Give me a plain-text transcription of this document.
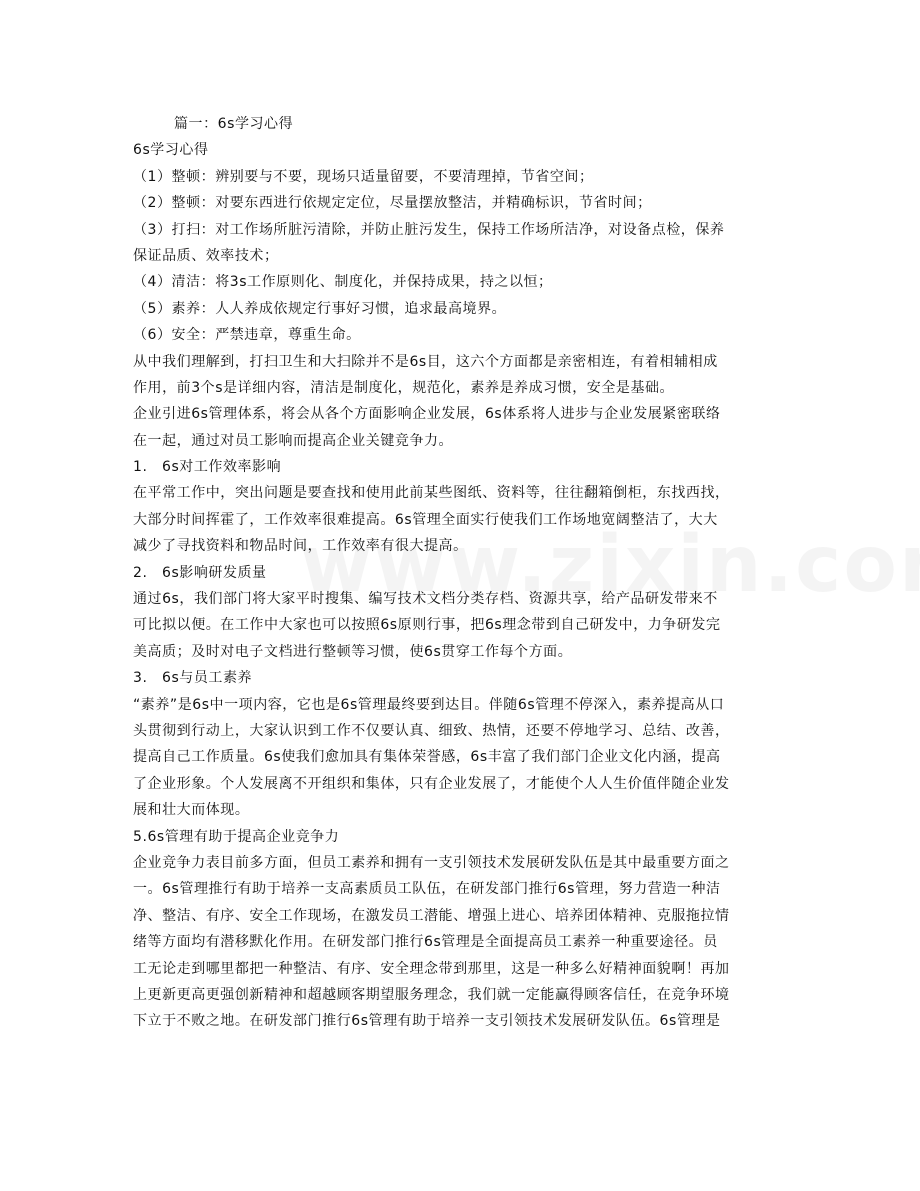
篇一：6s学习心得
6s学习心得
（1）整顿：辨别要与不要，现场只适量留要，不要清理掉，节省空间；
（2）整顿：对要东西进行依规定定位，尽量摆放整洁，并精确标识，节省时间；
（3）打扫：对工作场所脏污清除，并防止脏污发生，保持工作场所洁净，对设备点检，保养
保证品质、效率技术；
（4）清洁：将3s工作原则化、制度化，并保持成果，持之以恒；
（5）素养：人人养成依规定行事好习惯，追求最高境界。
（6）安全：严禁违章，尊重生命。
从中我们理解到，打扫卫生和大扫除并不是6s目，这六个方面都是亲密相连，有着相辅相成
作用，前3个s是详细内容，清洁是制度化，规范化，素养是养成习惯，安全是基础。
企业引进6s管理体系，将会从各个方面影响企业发展，6s体系将人进步与企业发展紧密联络
在一起，通过对员工影响而提高企业关键竞争力。
1.　6s对工作效率影响
在平常工作中，突出问题是要查找和使用此前某些图纸、资料等，往往翻箱倒柜，东找西找，
大部分时间挥霍了，工作效率很难提高。6s管理全面实行使我们工作场地宽阔整洁了，大大
减少了寻找资料和物品时间，工作效率有很大提高。
2.　6s影响研发质量
通过6s，我们部门将大家平时搜集、编写技术文档分类存档、资源共享，给产品研发带来不
可比拟以便。在工作中大家也可以按照6s原则行事，把6s理念带到自己研发中，力争研发完
美高质；及时对电子文档进行整顿等习惯，使6s贯穿工作每个方面。
3.　6s与员工素养
“素养”是6s中一项内容，它也是6s管理最终要到达目。伴随6s管理不停深入，素养提高从口
头贯彻到行动上，大家认识到工作不仅要认真、细致、热情，还要不停地学习、总结、改善，
提高自己工作质量。6s使我们愈加具有集体荣誉感，6s丰富了我们部门企业文化内涵，提高
了企业形象。个人发展离不开组织和集体，只有企业发展了，才能使个人人生价值伴随企业发
展和壮大而体现。
5.6s管理有助于提高企业竞争力
企业竞争力表目前多方面，但员工素养和拥有一支引领技术发展研发队伍是其中最重要方面之
一。6s管理推行有助于培养一支高素质员工队伍，在研发部门推行6s管理，努力营造一种洁
净、整洁、有序、安全工作现场，在激发员工潜能、增强上进心、培养团体精神、克服拖拉情
绪等方面均有潜移默化作用。在研发部门推行6s管理是全面提高员工素养一种重要途径。员
工无论走到哪里都把一种整洁、有序、安全理念带到那里，这是一种多么好精神面貌啊！再加
上更新更高更强创新精神和超越顾客期望服务理念，我们就一定能赢得顾客信任，在竞争环境
下立于不败之地。在研发部门推行6s管理有助于培养一支引领技术发展研发队伍。6s管理是
